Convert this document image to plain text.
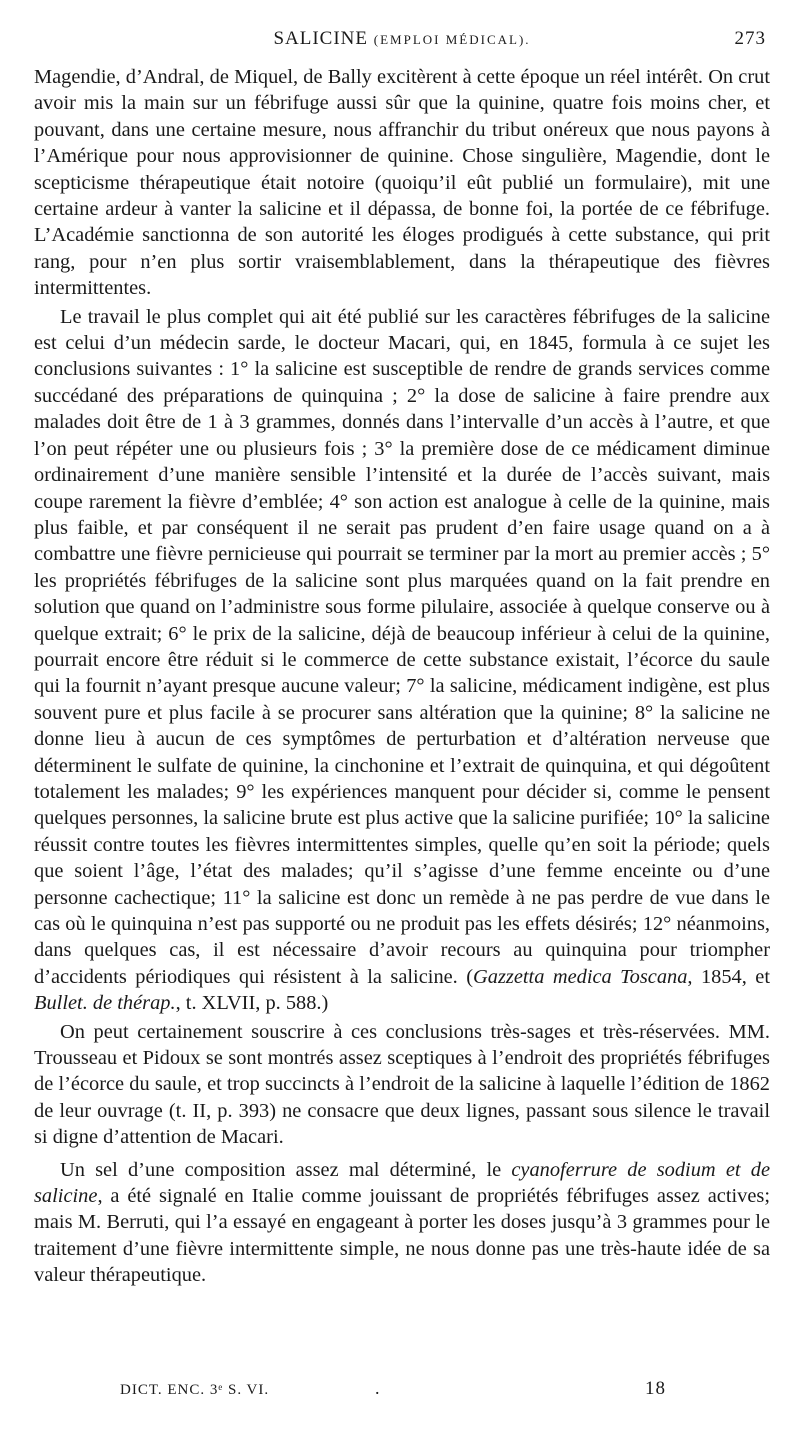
SALICINE (EMPLOI MÉDICAL).	273

Magendie, d’Andral, de Miquel, de Bally excitèrent à cette époque un réel intérêt. On crut avoir mis la main sur un fébrifuge aussi sûr que la quinine, quatre fois moins cher, et pouvant, dans une certaine mesure, nous affranchir du tribut onéreux que nous payons à l’Amérique pour nous approvisionner de quinine. Chose singulière, Magendie, dont le scepticisme thérapeutique était notoire (quoiqu’il eût publié un formulaire), mit une certaine ardeur à vanter la salicine et il dépassa, de bonne foi, la portée de ce fébrifuge. L’Académie sanctionna de son autorité les éloges prodigués à cette substance, qui prit rang, pour n’en plus sortir vraisemblablement, dans la thérapeutique des fièvres intermittentes.

Le travail le plus complet qui ait été publié sur les caractères fébrifuges de la salicine est celui d’un médecin sarde, le docteur Macari, qui, en 1845, formula à ce sujet les conclusions suivantes : 1° la salicine est susceptible de rendre de grands services comme succédané des préparations de quinquina ; 2° la dose de salicine à faire prendre aux malades doit être de 1 à 3 grammes, donnés dans l’intervalle d’un accès à l’autre, et que l’on peut répéter une ou plusieurs fois ; 3° la première dose de ce médicament diminue ordinairement d’une manière sensible l’intensité et la durée de l’accès suivant, mais coupe rarement la fièvre d’emblée; 4° son action est analogue à celle de la quinine, mais plus faible, et par conséquent il ne serait pas prudent d’en faire usage quand on a à combattre une fièvre pernicieuse qui pourrait se terminer par la mort au premier accès ; 5° les propriétés fébrifuges de la salicine sont plus marquées quand on la fait prendre en solution que quand on l’administre sous forme pilulaire, associée à quelque conserve ou à quelque extrait; 6° le prix de la salicine, déjà de beaucoup inférieur à celui de la quinine, pourrait encore être réduit si le commerce de cette substance existait, l’écorce du saule qui la fournit n’ayant presque aucune valeur; 7° la salicine, médicament indigène, est plus souvent pure et plus facile à se procurer sans altération que la quinine; 8° la salicine ne donne lieu à aucun de ces symptômes de perturbation et d’altération nerveuse que déterminent le sulfate de quinine, la cinchonine et l’extrait de quinquina, et qui dégoûtent totalement les malades; 9° les expériences manquent pour décider si, comme le pensent quelques personnes, la salicine brute est plus active que la salicine purifiée; 10° la salicine réussit contre toutes les fièvres intermittentes simples, quelle qu’en soit la période; quels que soient l’âge, l’état des malades; qu’il s’agisse d’une femme enceinte ou d’une personne cachectique; 11° la salicine est donc un remède à ne pas perdre de vue dans le cas où le quinquina n’est pas supporté ou ne produit pas les effets désirés; 12° néanmoins, dans quelques cas, il est nécessaire d’avoir recours au quinquina pour triompher d’accidents périodiques qui résistent à la salicine. (Gazzetta medica Toscana, 1854, et Bullet. de thérap., t. XLVII, p. 588.)

On peut certainement souscrire à ces conclusions très-sages et très-réservées. MM. Trousseau et Pidoux se sont montrés assez sceptiques à l’endroit des propriétés fébrifuges de l’écorce du saule, et trop succincts à l’endroit de la salicine à laquelle l’édition de 1862 de leur ouvrage (t. II, p. 393) ne consacre que deux lignes, passant sous silence le travail si digne d’attention de Macari.

Un sel d’une composition assez mal déterminé, le cyanoferrure de sodium et de salicine, a été signalé en Italie comme jouissant de propriétés fébrifuges assez actives; mais M. Berruti, qui l’a essayé en engageant à porter les doses jusqu’à 3 grammes pour le traitement d’une fièvre intermittente simple, ne nous donne pas une très-haute idée de sa valeur thérapeutique.

DICT. ENC. 3ᵉ S. VI.	.	18
